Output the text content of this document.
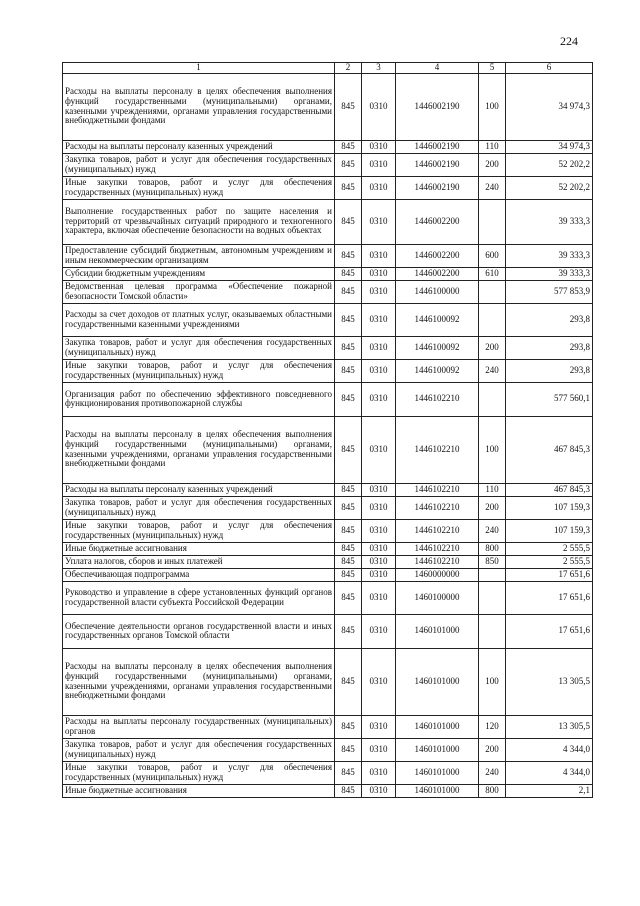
224
1	2	3	4	5	6
Расходы на выплаты персоналу в целях обеспечения выполнения функций государственными (муниципальными) органами, казенными учреждениями, органами управления государственными внебюджетными фондами	845	0310	1446002190	100	34 974,3
Расходы на выплаты персоналу казенных учреждений	845	0310	1446002190	110	34 974,3
Закупка товаров, работ и услуг для обеспечения государственных (муниципальных) нужд	845	0310	1446002190	200	52 202,2
Иные закупки товаров, работ и услуг для обеспечения государственных (муниципальных) нужд	845	0310	1446002190	240	52 202,2
Выполнение государственных работ по защите населения и территорий от чрезвычайных ситуаций природного и техногенного характера, включая обеспечение безопасности на водных объектах	845	0310	1446002200		39 333,3
Предоставление субсидий бюджетным, автономным учреждениям и иным некоммерческим организациям	845	0310	1446002200	600	39 333,3
Субсидии бюджетным учреждениям	845	0310	1446002200	610	39 333,3
Ведомственная целевая программа «Обеспечение пожарной безопасности Томской области»	845	0310	1446100000		577 853,9
Расходы за счет доходов от платных услуг, оказываемых областными государственными казенными учреждениями	845	0310	1446100092		293,8
Закупка товаров, работ и услуг для обеспечения государственных (муниципальных) нужд	845	0310	1446100092	200	293,8
Иные закупки товаров, работ и услуг для обеспечения государственных (муниципальных) нужд	845	0310	1446100092	240	293,8
Организация работ по обеспечению эффективного повседневного функционирования противопожарной службы	845	0310	1446102210		577 560,1
Расходы на выплаты персоналу в целях обеспечения выполнения функций государственными (муниципальными) органами, казенными учреждениями, органами управления государственными внебюджетными фондами	845	0310	1446102210	100	467 845,3
Расходы на выплаты персоналу казенных учреждений	845	0310	1446102210	110	467 845,3
Закупка товаров, работ и услуг для обеспечения государственных (муниципальных) нужд	845	0310	1446102210	200	107 159,3
Иные закупки товаров, работ и услуг для обеспечения государственных (муниципальных) нужд	845	0310	1446102210	240	107 159,3
Иные бюджетные ассигнования	845	0310	1446102210	800	2 555,5
Уплата налогов, сборов и иных платежей	845	0310	1446102210	850	2 555,5
Обеспечивающая подпрограмма	845	0310	1460000000		17 651,6
Руководство и управление в сфере установленных функций органов государственной власти субъекта Российской Федерации	845	0310	1460100000		17 651,6
Обеспечение деятельности органов государственной власти и иных государственных органов Томской области	845	0310	1460101000		17 651,6
Расходы на выплаты персоналу в целях обеспечения выполнения функций государственными (муниципальными) органами, казенными учреждениями, органами управления государственными внебюджетными фондами	845	0310	1460101000	100	13 305,5
Расходы на выплаты персоналу государственных (муниципальных) органов	845	0310	1460101000	120	13 305,5
Закупка товаров, работ и услуг для обеспечения государственных (муниципальных) нужд	845	0310	1460101000	200	4 344,0
Иные закупки товаров, работ и услуг для обеспечения государственных (муниципальных) нужд	845	0310	1460101000	240	4 344,0
Иные бюджетные ассигнования	845	0310	1460101000	800	2,1
